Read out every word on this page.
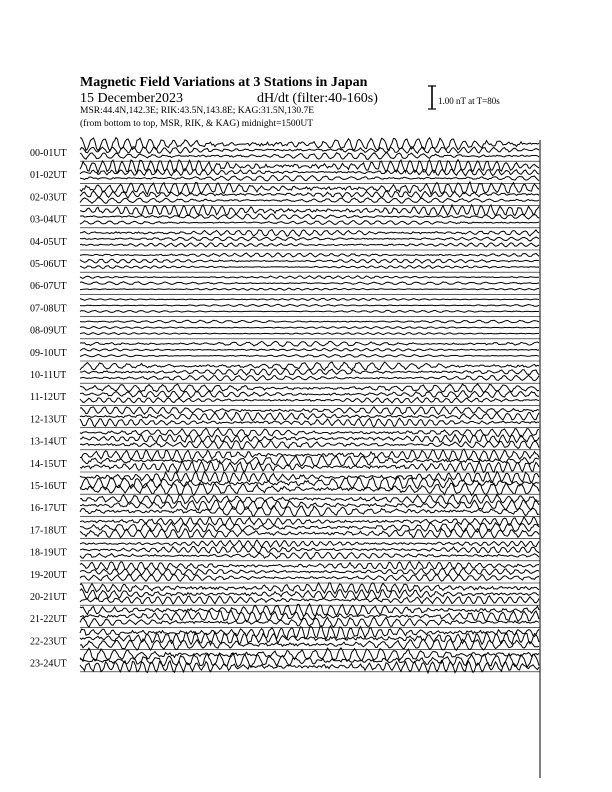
Magnetic Field Variations at 3 Stations in Japan
15 December2023	dH/dt (filter:40-160s)
MSR:44.4N,142.3E; RIK:43.5N,143.8E; KAG:31.5N,130.7E
(from bottom to top, MSR, RIK, & KAG) midnight=1500UT
1.00 nT at T=80s
00-01UT
01-02UT
02-03UT
03-04UT
04-05UT
05-06UT
06-07UT
07-08UT
08-09UT
09-10UT
10-11UT
11-12UT
12-13UT
13-14UT
14-15UT
15-16UT
16-17UT
17-18UT
18-19UT
19-20UT
20-21UT
21-22UT
22-23UT
23-24UT
